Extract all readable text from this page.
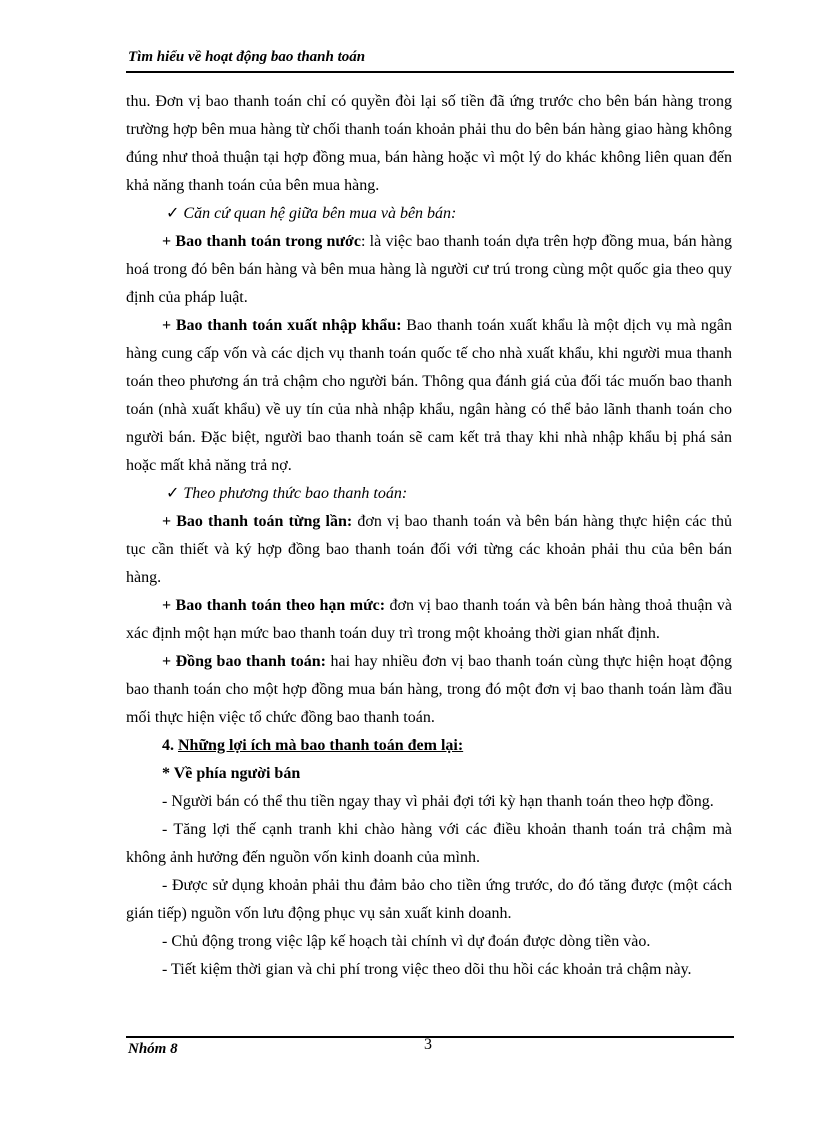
Tìm hiểu về hoạt động bao thanh toán

thu. Đơn vị bao thanh toán chỉ có quyền đòi lại số tiền đã ứng trước cho bên bán hàng trong trường hợp bên mua hàng từ chối thanh toán khoản phải thu do bên bán hàng giao hàng không đúng như thoả thuận tại hợp đồng mua, bán hàng hoặc vì một lý do khác không liên quan đến khả năng thanh toán của bên mua hàng.

✓ Căn cứ quan hệ giữa bên mua và bên bán:

+ Bao thanh toán trong nước: là việc bao thanh toán dựa trên hợp đồng mua, bán hàng hoá trong đó bên bán hàng và bên mua hàng là người cư trú trong cùng một quốc gia theo quy định của pháp luật.

+ Bao thanh toán xuất nhập khẩu: Bao thanh toán xuất khẩu là một dịch vụ mà ngân hàng cung cấp vốn và các dịch vụ thanh toán quốc tế cho nhà xuất khẩu, khi người mua thanh toán theo phương án trả chậm cho người bán. Thông qua đánh giá của đối tác muốn bao thanh toán (nhà xuất khẩu) về uy tín của nhà nhập khẩu, ngân hàng có thể bảo lãnh thanh toán cho người bán. Đặc biệt, người bao thanh toán sẽ cam kết trả thay khi nhà nhập khẩu bị phá sản hoặc mất khả năng trả nợ.

✓ Theo phương thức bao thanh toán:

+ Bao thanh toán từng lần: đơn vị bao thanh toán và bên bán hàng thực hiện các thủ tục cần thiết và ký hợp đồng bao thanh toán đối với từng các khoản phải thu của bên bán hàng.

+ Bao thanh toán theo hạn mức: đơn vị bao thanh toán và bên bán hàng thoả thuận và xác định một hạn mức bao thanh toán duy trì trong một khoảng thời gian nhất định.

+ Đồng bao thanh toán: hai hay nhiều đơn vị bao thanh toán cùng thực hiện hoạt động bao thanh toán cho một hợp đồng mua bán hàng, trong đó một đơn vị bao thanh toán làm đầu mối thực hiện việc tổ chức đồng bao thanh toán.

4. Những lợi ích mà bao thanh toán đem lại:

* Về phía người bán

- Người bán có thể thu tiền ngay thay vì phải đợi tới kỳ hạn thanh toán theo hợp đồng.

- Tăng lợi thế cạnh tranh khi chào hàng với các điều khoản thanh toán trả chậm mà không ảnh hưởng đến nguồn vốn kinh doanh của mình.

- Được sử dụng khoản phải thu đảm bảo cho tiền ứng trước, do đó tăng được (một cách gián tiếp) nguồn vốn lưu động phục vụ sản xuất kinh doanh.

- Chủ động trong việc lập kế hoạch tài chính vì dự đoán được dòng tiền vào.

- Tiết kiệm thời gian và chi phí trong việc theo dõi thu hồi các khoản trả chậm này.

Nhóm 8	3
